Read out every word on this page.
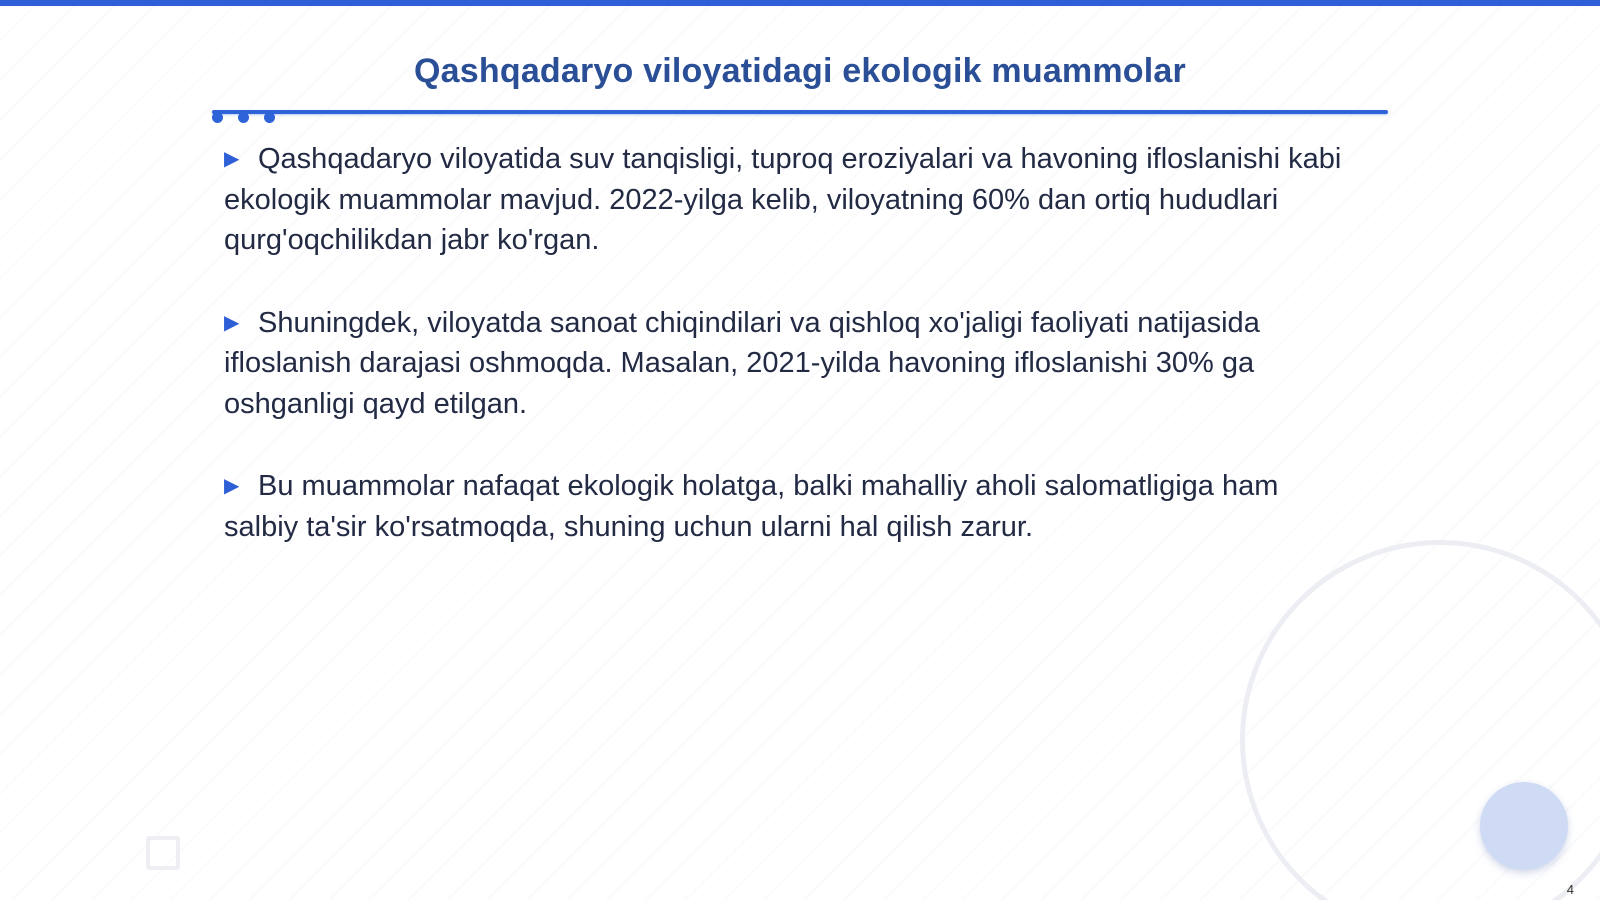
Qashqadaryo viloyatidagi ekologik muammolar

▶ Qashqadaryo viloyatida suv tanqisligi, tuproq eroziyalari va havoning ifloslanishi kabi ekologik muammolar mavjud. 2022-yilga kelib, viloyatning 60% dan ortiq hududlari qurg'oqchilikdan jabr ko'rgan.

▶ Shuningdek, viloyatda sanoat chiqindilari va qishloq xo'jaligi faoliyati natijasida ifloslanish darajasi oshmoqda. Masalan, 2021-yilda havoning ifloslanishi 30% ga oshganligi qayd etilgan.

▶ Bu muammolar nafaqat ekologik holatga, balki mahalliy aholi salomatligiga ham salbiy ta'sir ko'rsatmoqda, shuning uchun ularni hal qilish zarur.

4
